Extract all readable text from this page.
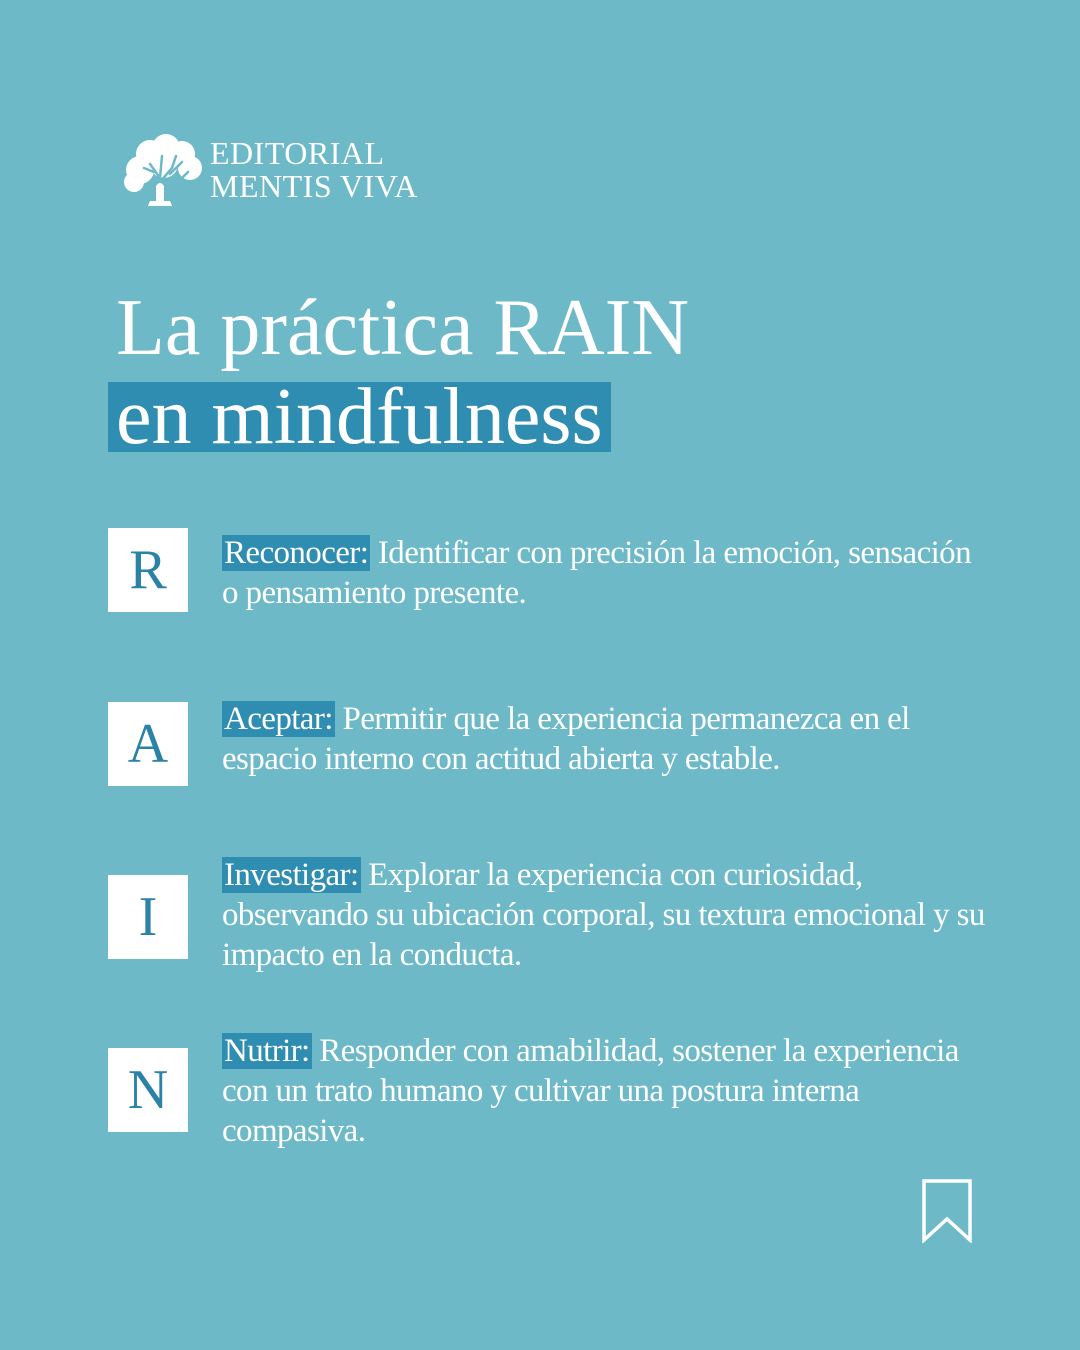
EDITORIAL
MENTIS VIVA
La práctica RAIN
en mindfulness
R	Reconocer: Identificar con precisión la emoción, sensación o pensamiento presente.
A	Aceptar: Permitir que la experiencia permanezca en el espacio interno con actitud abierta y estable.
I
Investigar: Explorar la experiencia con curiosidad, observando su ubicación corporal, su textura emocional y su impacto en la conducta.
N
Nutrir: Responder con amabilidad, sostener la experiencia con un trato humano y cultivar una postura interna compasiva.
